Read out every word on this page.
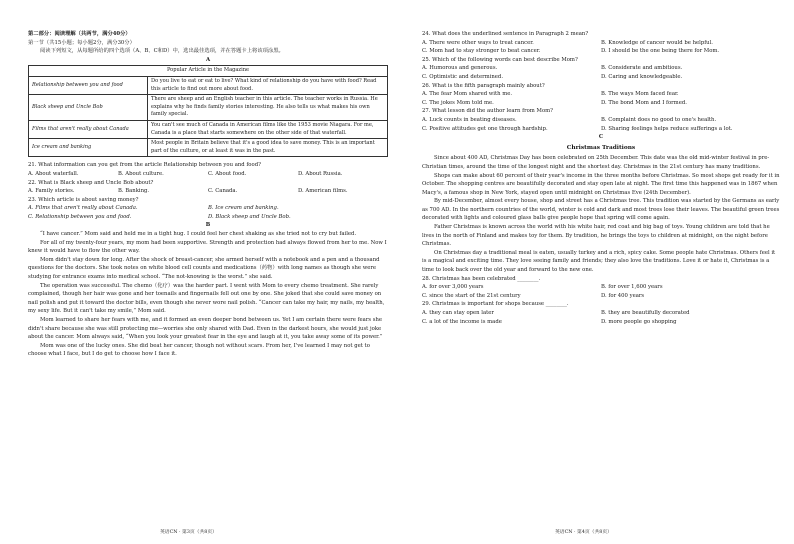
第二部分：阅读理解（共两节，满分40分）

第一节（共15小题；每小题2分，满分30分）

阅读下列短文，从每题所给的四个选项（A、B、C和D）中，选出最佳选项，并在答题卡上将该项涂黑。

A

Popular Article in the Magazine	
Relationship between you and food	Do you live to eat or eat to live? What kind of relationship do you have with food? Read this article to find out more about food.
Black sheep and Uncle Bob	There are sheep and an English teacher in this article. The teacher works in Russia. He explains why he finds family stories interesting. He also tells us what makes his own family special.
Films that aren't really about Canada	You can't see much of Canada in American films like the 1953 movie Niagara. For me, Canada is a place that starts somewhere on the other side of that waterfall.
Ice cream and banking	Most people in Britain believe that it's a good idea to save money. This is an important part of the culture, or at least it was in the past.

21. What information can you get from the article Relationship between you and food?

A. About waterfall.	B. About culture.	C. About food.	D. About Russia.

22. What is Black sheep and Uncle Bob about?

A. Family stories.	B. Banking.	C. Canada.	D. American films.

23. Which article is about saving money?

A. Films that aren't really about Canada.	B. Ice cream and banking.
C. Relationship between you and food.	D. Black sheep and Uncle Bob.

B

“I have cancer.” Mom said and held me in a tight hug. I could feel her chest shaking as she tried not to cry but failed.

For all of my twenty-four years, my mom had been supportive. Strength and protection had always flowed from her to me. Now I knew it would have to flow the other way.

Mom didn't stay down for long. After the shock of breast-cancer, she armed herself with a notebook and a pen and a thousand questions for the doctors. She took notes on white blood cell counts and medications（药物）with long names as though she were studying for entrance exams into medical school. “The not-knowing is the worst.” she said.

The operation was successful. The chemo（化疗）was the harder part. I went with Mom to every chemo treatment. She rarely complained, though her hair was gone and her toenails and fingernails fell out one by one. She joked that she could save money on nail polish and put it toward the doctor bills, even though she never wore nail polish. “Cancer can take my hair, my nails, my health, my sexy life. But it can't take my smile,” Mom said.

Mom learned to share her fears with me, and it formed an even deeper bond between us. Yet I am certain there were fears she didn't share because she was still protecting me—worries she only shared with Dad. Even in the darkest hours, she would just joke about the cancer. Mom always said, “When you look your greatest fear in the eye and laugh at it, you take away some of its power.”

Mom was one of the lucky ones. She did beat her cancer, though not without scars. From her, I've learned I may not get to choose what I face, but I do get to choose how I face it.

英语CN · 第3页（共8页）

24. What does the underlined sentence in Paragraph 2 mean?

A. There were other ways to treat cancer.	B. Knowledge of cancer would be helpful.
C. Mom had to stay stronger to beat cancer.	D. I should be the one being there for Mom.

25. Which of the following words can best describe Mom?

A. Humorous and generous.	B. Considerate and ambitious.
C. Optimistic and determined.	D. Caring and knowledgeable.

26. What is the fifth paragraph mainly about?

A. The fear Mom shared with me.	B. The ways Mom faced fear.
C. The jokes Mom told me.	D. The bond Mom and I formed.

27. What lesson did the author learn from Mom?

A. Luck counts in beating diseases.	B. Complaint does no good to one's health.
C. Positive attitudes get one through hardship.	D. Sharing feelings helps reduce sufferings a lot.

C

Christmas Traditions

Since about 400 AD, Christmas Day has been celebrated on 25th December. This date was the old mid-winter festival in pre-Christian times, around the time of the longest night and the shortest day. Christmas in the 21st century has many traditions.

Shops can make about 60 percent of their year's income in the three months before Christmas. So most shops get ready for it in October. The shopping centres are beautifully decorated and stay open late at night. The first time this happened was in 1867 when Macy's, a famous shop in New York, stayed open until midnight on Christmas Eve (24th December).

By mid-December, almost every house, shop and street has a Christmas tree. This tradition was started by the Germans as early as 700 AD. In the northern countries of the world, winter is cold and dark and most trees lose their leaves. The beautiful green trees decorated with lights and coloured glass balls give people hope that spring will come again.

Father Christmas is known across the world with his white hair, red coat and big bag of toys. Young children are told that he lives in the north of Finland and makes toy for them. By tradition, he brings the toys to children at midnight, on the night before Christmas.

On Christmas day a traditional meal is eaten, usually turkey and a rich, spicy cake. Some people hate Christmas. Others feel it is a magical and exciting time. They love seeing family and friends; they also love the traditions. Love it or hate it, Christmas is a time to look back over the old year and forward to the new one.

28. Christmas has been celebrated ________.

A. for over 3,000 years	B. for over 1,600 years
C. since the start of the 21st century	D. for 400 years

29. Christmas is important for shops because ________.

A. they can stay open later	B. they are beautifully decorated
C. a lot of the income is made	D. more people go shopping
英语CN · 第4页（共8页）
